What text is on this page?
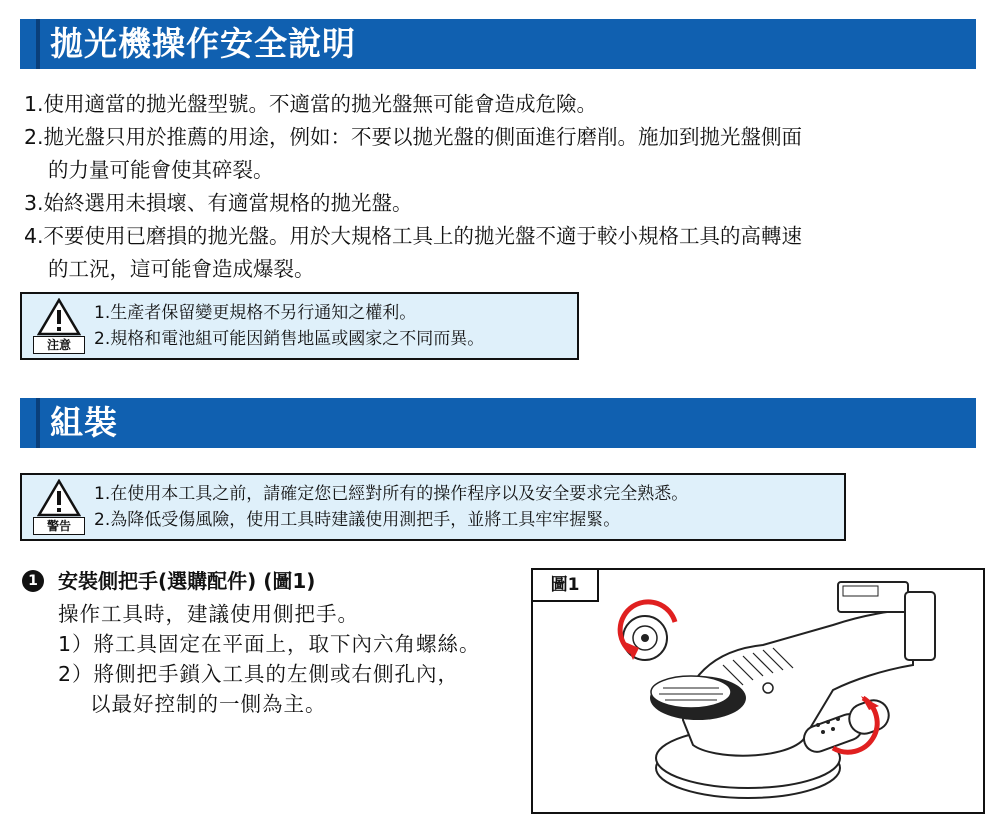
拋光機操作安全說明
1.使用適當的拋光盤型號。不適當的拋光盤無可能會造成危險。
2.拋光盤只用於推薦的用途，例如：不要以拋光盤的側面進行磨削。施加到拋光盤側面
的力量可能會使其碎裂。
3.始終選用未損壞、有適當規格的拋光盤。
4.不要使用已磨損的拋光盤。用於大規格工具上的拋光盤不適于較小規格工具的高轉速
的工況，這可能會造成爆裂。
注意
1.生產者保留變更規格不另行通知之權利。
2.規格和電池組可能因銷售地區或國家之不同而異。
組裝
警告
1.在使用本工具之前，請確定您已經對所有的操作程序以及安全要求完全熟悉。
2.為降低受傷風險，使用工具時建議使用測把手，並將工具牢牢握緊。
1	安裝側把手(選購配件) (圖1)
操作工具時，建議使用側把手。
1）將工具固定在平面上，取下內六角螺絲。
2）將側把手鎖入工具的左側或右側孔內，
以最好控制的一側為主。
圖1
